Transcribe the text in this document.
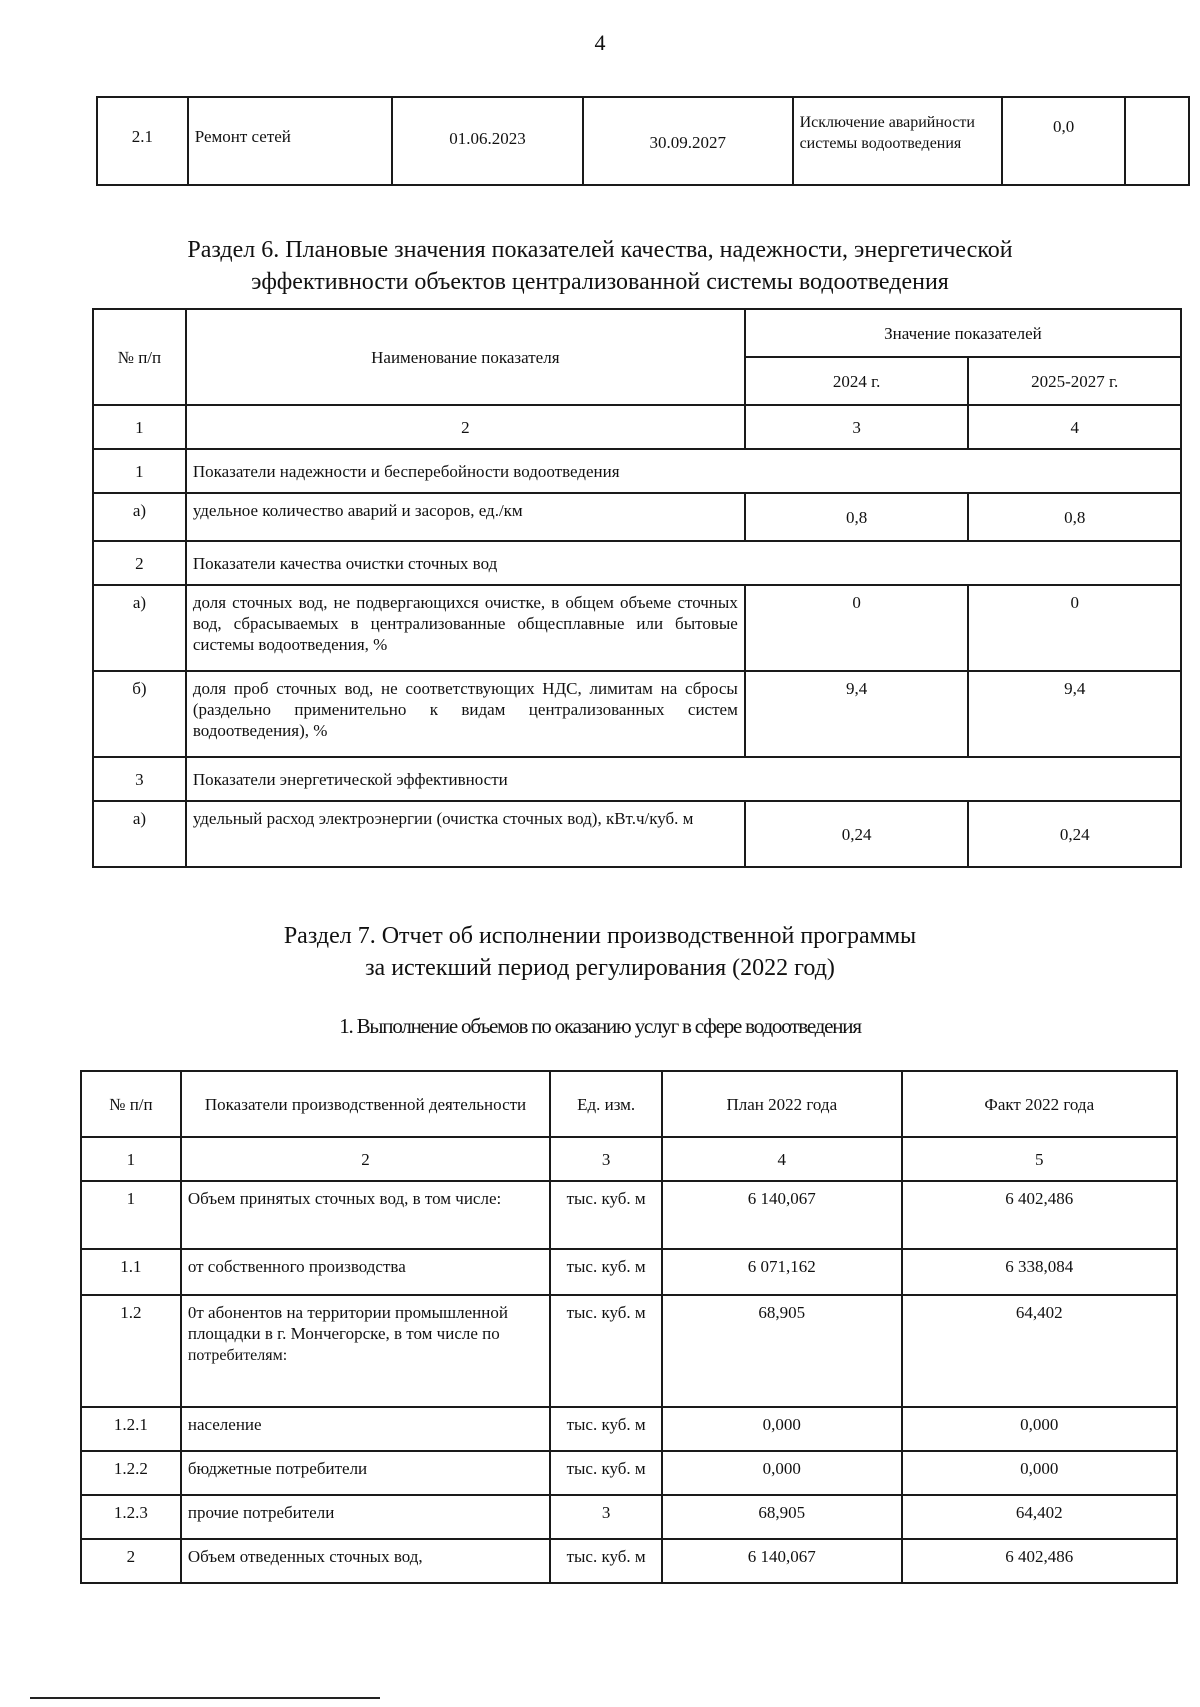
4
2.1	Ремонт сетей	01.06.2023	30.09.2027	Исключение аварийности системы водоотведения	0,0	
Раздел 6. Плановые значения показателей качества, надежности, энергетической
эффективности объектов централизованной системы водоотведения
№ п/п	Наименование показателя	Значение показателей	
		2024 г.	2025-2027 г.
1	2	3	4
1	Показатели надежности и бесперебойности водоотведения		
а)	удельное количество аварий и засоров, ед./км	0,8	0,8
2	Показатели качества очистки сточных вод		
а)	доля сточных вод, не подвергающихся очистке, в общем объеме сточных вод, сбрасываемых в централизованные общесплавные или бытовые системы водоотведения, %	0	0
б)	доля проб сточных вод, не соответствующих НДС, лимитам на сбросы (раздельно применительно к видам централизованных систем водоотведения), %	9,4	9,4
3	Показатели энергетической эффективности		
а)	удельный расход электроэнергии (очистка сточных вод), кВт.ч/куб. м	0,24	0,24
Раздел 7. Отчет об исполнении производственной программы
за истекший период регулирования (2022 год)
1. Выполнение объемов по оказанию услуг в сфере водоотведения
№ п/п	Показатели производственной деятельности	Ед. изм.	План 2022 года	Факт 2022 года
1	2	3	4	5
1	Объем принятых сточных вод, в том числе:	тыс. куб. м	6 140,067	6 402,486
1.1	от собственного производства	тыс. куб. м	6 071,162	6 338,084
1.2	0т абонентов на территории промышленной площадки в г. Мончегорске, в том числе по потребителям:	тыс. куб. м	68,905	64,402
1.2.1	население	тыс. куб. м	0,000	0,000
1.2.2	бюджетные потребители	тыс. куб. м	0,000	0,000
1.2.3	прочие потребители	3	68,905	64,402
2	Объем отведенных сточных вод,	тыс. куб. м	6 140,067	6 402,486
